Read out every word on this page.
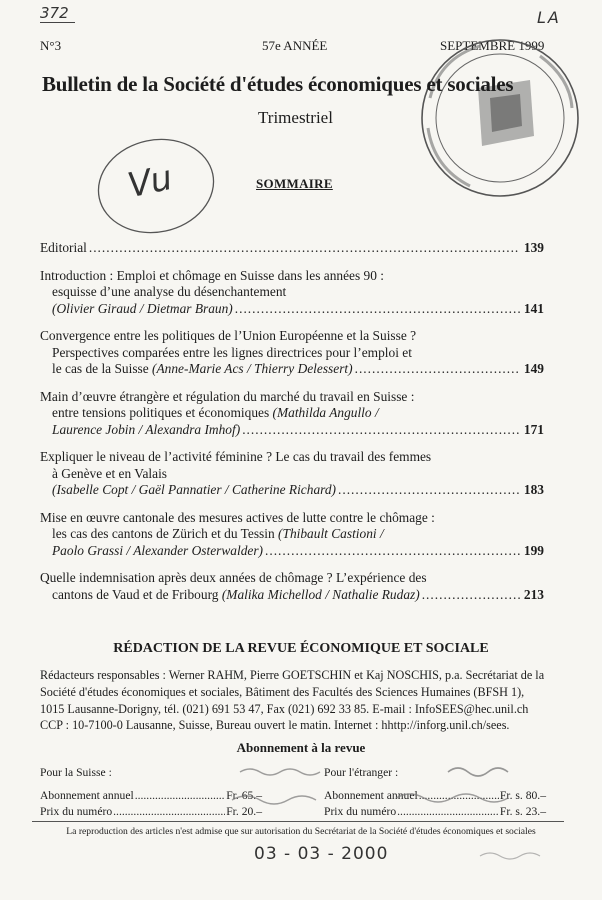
372	LA
N°3	57e ANNÉE	SEPTEMBRE 1999
Bulletin de la Société d'études économiques et sociales
Trimestriel
Vu	SOMMAIRE
Editorial .....	139
Introduction : Emploi et chômage en Suisse dans les années 90 :
esquisse d’une analyse du désenchantement
(Olivier Giraud / Dietmar Braun) .....	141
Convergence entre les politiques de l’Union Européenne et la Suisse ?
Perspectives comparées entre les lignes directrices pour l’emploi et
le cas de la Suisse (Anne-Marie Acs / Thierry Delessert) .....	149
Main d’œuvre étrangère et régulation du marché du travail en Suisse :
entre tensions politiques et économiques (Mathilda Angullo /
Laurence Jobin / Alexandra Imhof) .....	171
Expliquer le niveau de l’activité féminine ? Le cas du travail des femmes
à Genève et en Valais
(Isabelle Copt / Gaël Pannatier / Catherine Richard) .....	183
Mise en œuvre cantonale des mesures actives de lutte contre le chômage :
les cas des cantons de Zürich et du Tessin (Thibault Castioni /
Paolo Grassi / Alexander Osterwalder) .....	199
Quelle indemnisation après deux années de chômage ? L’expérience des
cantons de Vaud et de Fribourg (Malika Michellod / Nathalie Rudaz) .....	213
RÉDACTION DE LA REVUE ÉCONOMIQUE ET SOCIALE
Rédacteurs responsables : Werner RAHM, Pierre GOETSCHIN et Kaj NOSCHIS, p.a. Secrétariat de la
Société d'études économiques et sociales, Bâtiment des Facultés des Sciences Humaines (BFSH 1),
1015 Lausanne-Dorigny, tél. (021) 691 53 47, Fax (021) 692 33 85. E-mail : InfoSEES@hec.unil.ch
CCP : 10-7100-0 Lausanne, Suisse, Bureau ouvert le matin. Internet : hhttp://inforg.unil.ch/sees.
Abonnement à la revue
Pour la Suisse :
Abonnement annuel .....	Fr. 65.–
Prix du numéro .....	Fr. 20.–
Pour l'étranger :
Abonnement annuel .....	Fr. s. 80.–
Prix du numéro .....	Fr. s. 23.–
La reproduction des articles n'est admise que sur autorisation du Secrétariat de la Société d'études économiques et sociales
03 - 03 - 2000
